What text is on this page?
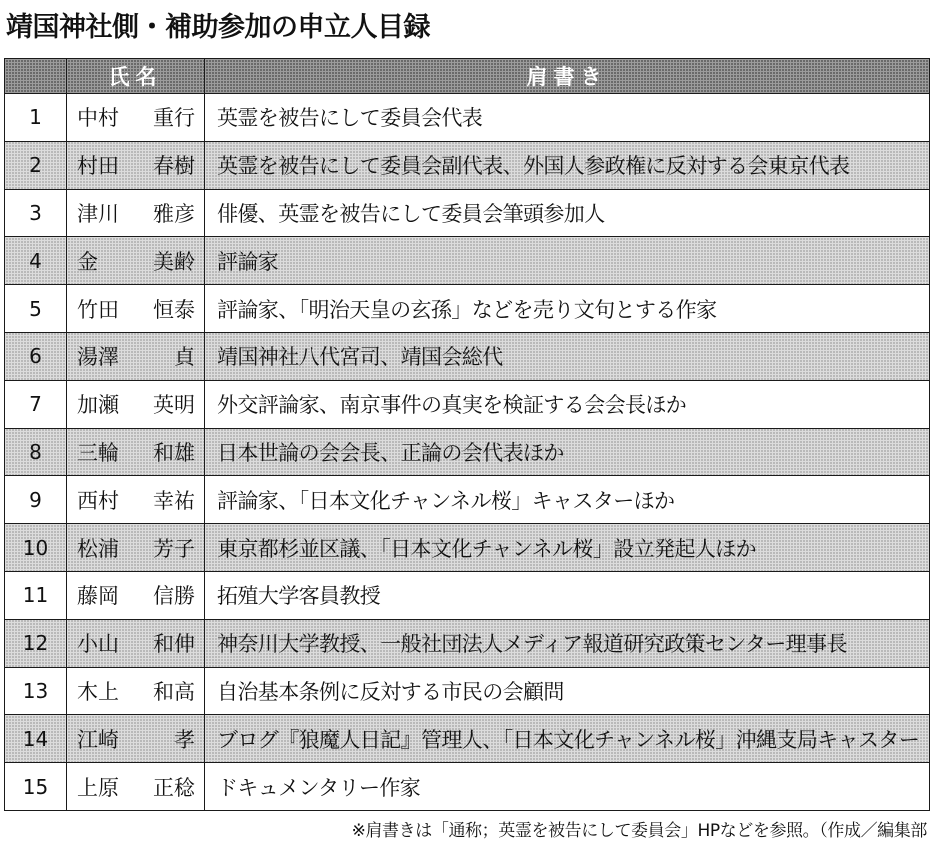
靖国神社側・補助参加の申立人目録
	氏名	肩書き
1	中村 重行	英霊を被告にして委員会代表
2	村田 春樹	英霊を被告にして委員会副代表、外国人参政権に反対する会東京代表
3	津川 雅彦	俳優、英霊を被告にして委員会筆頭参加人
4	金 美齢	評論家
5	竹田 恒泰	評論家、「明治天皇の玄孫」などを売り文句とする作家
6	湯澤 貞	靖国神社八代宮司、靖国会総代
7	加瀬 英明	外交評論家、南京事件の真実を検証する会会長ほか
8	三輪 和雄	日本世論の会会長、正論の会代表ほか
9	西村 幸祐	評論家、「日本文化チャンネル桜」キャスターほか
10	松浦 芳子	東京都杉並区議、「日本文化チャンネル桜」設立発起人ほか
11	藤岡 信勝	拓殖大学客員教授
12	小山 和伸	神奈川大学教授、一般社団法人メディア報道研究政策センター理事長
13	木上 和高	自治基本条例に反対する市民の会顧問
14	江崎 孝	ブログ『狼魔人日記』管理人、「日本文化チャンネル桜」沖縄支局キャスター
15	上原 正稔	ドキュメンタリー作家
※肩書きは「通称；英霊を被告にして委員会」HPなどを参照。（作成／編集部
